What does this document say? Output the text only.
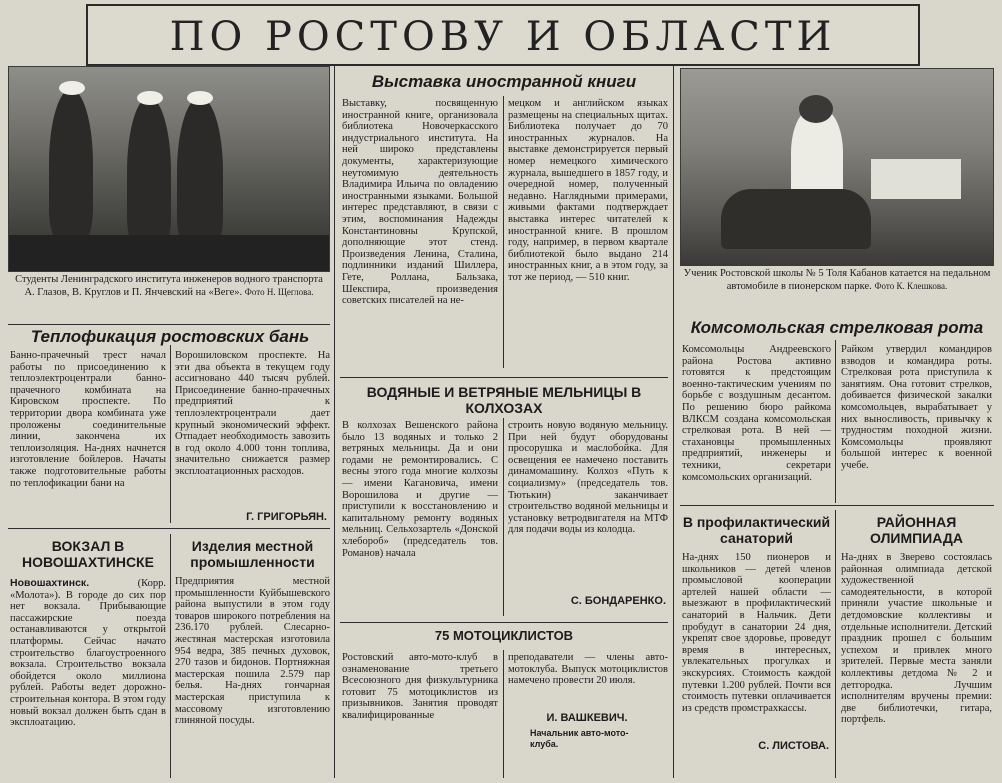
ПО РОСТОВУ И ОБЛАСТИ
Студенты Ленинградского института инженеров водного транспорта А. Глазов, В. Круглов и П. Янчевский на «Веге». Фото Н. Щеглова.
Теплофикация ростовских бань
Банно-прачечный трест начал работы по присоединению к теплоэлектроцентрали банно-прачечного комбината на Кировском проспекте. По территории двора комбината уже проложены соединительные линии, закончена их теплоизоляция. На-днях начнется изготовление бойлеров. Начаты также подготовительные работы по теплофикации бани на
Ворошиловском проспекте. На эти два объекта в текущем году ассигновано 440 тысяч рублей. Присоединение банно-прачечных предприятий к теплоэлектроцентрали дает крупный экономический эффект. Отпадает необходимость завозить в год около 4.000 тонн топлива, значительно снижается размер эксплоатационных расходов.
Г. ГРИГОРЬЯН.
ВОКЗАЛ В НОВОШАХТИНСКЕ
Новошахтинск.	(Корр. «Молота»). В городе до сих пор нет вокзала. Прибывающие пассажирские поезда останавливаются у открытой платформы. Сейчас начато строительство благоустроенного вокзала. Строительство вокзала обойдется около миллиона рублей. Работы ведет дорожно-строительная контора. В этом году новый вокзал должен быть сдан в эксплоатацию.
Изделия местной промышленности
Предприятия местной промышленности Куйбышевского района выпустили в этом году товаров широкого потребления на 236.170 рублей. Слесарно-жестяная мастерская изготовила 954 ведра, 385 печных духовок, 270 тазов и бидонов. Портняжная мастерская пошила 2.579 пар белья. На-днях гончарная мастерская приступила к массовому изготовлению глиняной посуды.
Выставка иностранной книги
Выставку, посвященную иностранной книге, организовала библиотека Новочеркасского индустриального института. На ней широко представлены документы, характеризующие неутомимую деятельность Владимира Ильича по овладению иностранными языками. Большой интерес представляют, в связи с этим, воспоминания Надежды Константиновны Крупской, дополняющие этот стенд. Произведения Ленина, Сталина, подлинники изданий Шиллера, Гете, Роллана, Бальзака, Шекспира, произведения советских писателей на не-
мецком и английском языках размещены на специальных щитах. Библиотека получает до 70 иностранных журналов. На выставке демонстрируется первый номер немецкого химического журнала, вышедшего в 1857 году, и очередной номер, полученный недавно. Наглядными примерами, живыми фактами подтверждает выставка интерес читателей к иностранной книге. В прошлом году, например, в первом квартале библиотекой было выдано 214 иностранных книг, а в этом году, за тот же период, — 510 книг.
ВОДЯНЫЕ И ВЕТРЯНЫЕ МЕЛЬНИЦЫ В КОЛХОЗАХ
В колхозах Вешенского района было 13 водяных и только 2 ветряных мельницы. Да и они годами не ремонтировались. С весны этого года многие колхозы — имени Кагановича, имени Ворошилова и другие — приступили к восстановлению и капитальному ремонту водяных мельниц. Сельхозартель «Донской хлебороб» (председатель тов. Романов) начала
строить новую водяную мельницу. При ней будут оборудованы просорушка и маслобойка. Для освещения ее намечено поставить динамомашину. Колхоз «Путь к социализму» (председатель тов. Тютькин) заканчивает строительство водяной мельницы и установку ветродвигателя на МТФ для подачи воды из колодца.
С. БОНДАРЕНКО.
75 МОТОЦИКЛИСТОВ
Ростовский авто-мото-клуб в ознаменование третьего Всесоюзного дня физкультурника готовит 75 мотоциклистов из призывников. Занятия проводят квалифицированные
преподаватели — члены авто-мотоклуба. Выпуск мотоциклистов намечено провести 20 июля.
И. ВАШКЕВИЧ.
Начальник авто-мото-клуба.
Ученик Ростовской школы № 5 Толя Кабанов катается на педальном автомобиле в пионерском парке. Фото К. Клешкова.
Комсомольская стрелковая рота
Комсомольцы Андреевского района Ростова активно готовятся к предстоящим военно-тактическим учениям по борьбе с воздушным десантом. По решению бюро райкома ВЛКСМ создана комсомольская стрелковая рота. В ней — стахановцы промышленных предприятий, инженеры и техники, секретари комсомольских организаций.
Райком утвердил командиров взводов и командира роты. Стрелковая рота приступила к занятиям. Она готовит стрелков, добивается физической закалки комсомольцев, вырабатывает у них выносливость, привычку к трудностям походной жизни. Комсомольцы проявляют большой интерес к военной учебе.
В профилактический санаторий
На-днях 150 пионеров и школьников — детей членов промысловой кооперации артелей нашей области — выезжают в профилактический санаторий в Нальчик. Дети пробудут в санатории 24 дня, укрепят свое здоровье, проведут время в интересных, увлекательных прогулках и экскурсиях. Стоимость каждой путевки 1.200 рублей. Почти вся стоимость путевки оплачивается из средств промстрахкассы.
С. ЛИСТОВА.
РАЙОННАЯ ОЛИМПИАДА
На-днях в Зверево состоялась районная олимпиада детской художественной самодеятельности, в которой приняли участие школьные и детдомовские коллективы и отдельные исполнители. Детский праздник прошел с большим успехом и привлек много зрителей. Первые места заняли коллективы детдома № 2 и детгородка. Лучшим исполнителям вручены премии: две библиотечки, гитара, портфель.
